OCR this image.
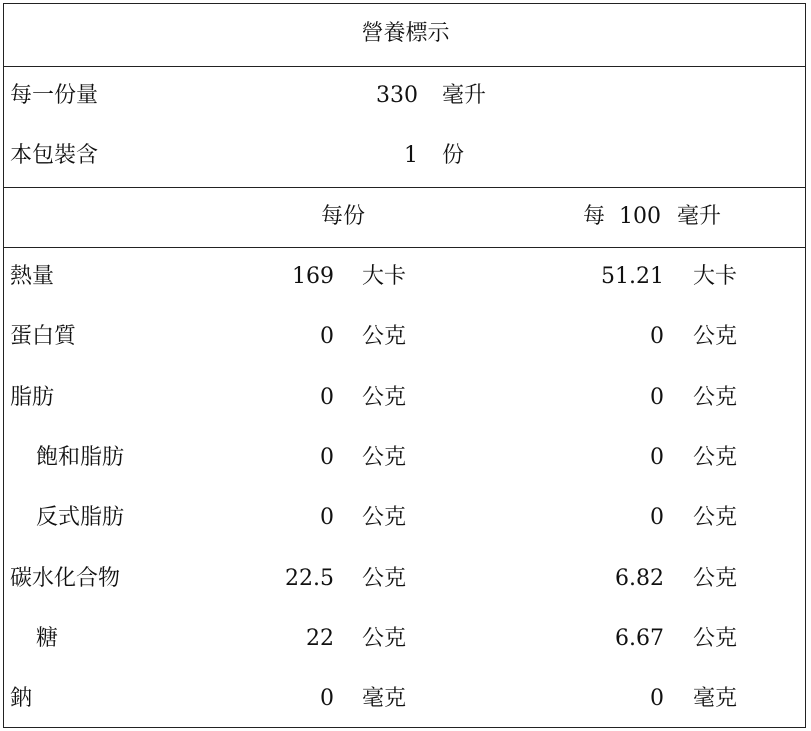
營養標示
每一份量	330 毫升
本包裝含	1 份
每份	每 100 毫升
熱量	169 大卡	51.21 大卡
蛋白質	0 公克	0 公克
脂肪	0 公克	0 公克
飽和脂肪	0 公克	0 公克
反式脂肪	0 公克	0 公克
碳水化合物	22.5 公克	6.82 公克
糖	22 公克	6.67 公克
鈉	0 毫克	0 毫克
